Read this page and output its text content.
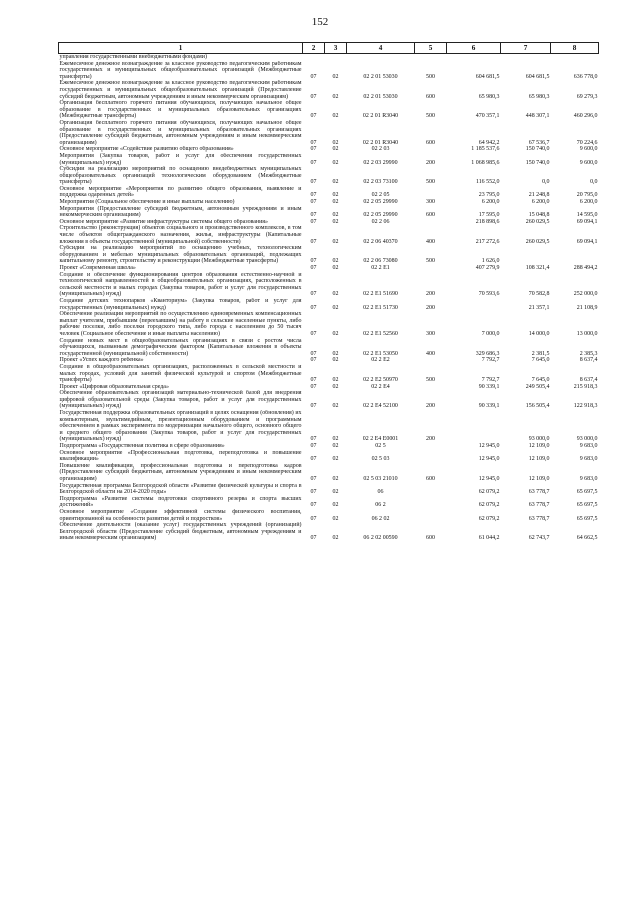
152
1	2	3	4	5	6	7	8
управления государственными внебюджетными фондами)							
Ежемесячное денежное вознаграждение за классное руководство педагогическим работникам государственных и муниципальных общеобразовательных организаций (Межбюджетные трансферты)	07	02	02 2 01 53030	500	604 681,5	604 681,5	636 778,0
Ежемесячное денежное вознаграждение за классное руководство педагогическим работникам государственных и муниципальных общеобразовательных организаций (Предоставление субсидий бюджетным, автономным учреждениям и иным некоммерческим организациям)	07	02	02 2 01 53030	600	65 980,3	65 980,3	69 279,3
Организация бесплатного горячего питания обучающихся, получающих начальное общее образование в государственных и муниципальных образовательных организациях (Межбюджетные трансферты)	07	02	02 2 01 R3040	500	470 357,1	448 307,1	460 296,0
Организация бесплатного горячего питания обучающихся, получающих начальное общее образование в государственных и муниципальных образовательных организациях (Предоставление субсидий бюджетным, автономным учреждениям и иным некоммерческим организациям)	07	02	02 2 01 R3040	600	64 942,2	67 536,7	70 224,6
Основное мероприятие «Содействие развитию общего образования»	07	02	02 2 03		1 185 537,6	150 740,0	9 600,0
Мероприятия (Закупка товаров, работ и услуг для обеспечения государственных (муниципальных) нужд)	07	02	02 2 03 29990	200	1 068 985,6	150 740,0	9 600,0
Субсидии на реализацию мероприятий по оснащению внедебюджетных муниципальных общеобразовательных организаций технологическим оборудованием (Межбюджетные трансферты)	07	02	02 2 03 73100	500	116 552,0	0,0	0,0
Основное мероприятие «Мероприятия по развитию общего образования, выявление и поддержка одаренных детей»	07	02	02 2 05		23 795,0	21 248,8	20 795,0
Мероприятия (Социальное обеспечение и иные выплаты населению)	07	02	02 2 05 29990	300	6 200,0	6 200,0	6 200,0
Мероприятия (Предоставление субсидий бюджетным, автономным учреждениям и иным некоммерческим организациям)	07	02	02 2 05 29990	600	17 595,0	15 048,8	14 595,0
Основное мероприятие «Развитие инфраструктуры системы общего образования»	07	02	02 2 06		218 898,6	260 029,5	69 094,1
Строительство (реконструкция) объектов социального и производственного комплексов, в том числе объектов общегражданского назначения, жилья, инфраструктуры (Капитальные вложения в объекты государственной (муниципальной) собственности)	07	02	02 2 06 40370	400	217 272,6	260 029,5	69 094,1
Субсидии на реализацию мероприятий по оснащению учебных, технологическим оборудованием и мебелью муниципальных образовательных организаций, подлежащих капитальному ремонту, строительству и реконструкции (Межбюджетные трансферты)	07	02	02 2 06 73080	500	1 626,0		
Проект «Современная школа»	07	02	02 2 E1		407 279,9	108 321,4	288 494,2
Создание и обеспечение функционирования центров образования естественно-научной и технологической направленностей в общеобразовательных организациях, расположенных в сельской местности и малых городах (Закупка товаров, работ и услуг для государственных (муниципальных) нужд)	07	02	02 2 E1 51690	200	70 593,6	70 582,8	252 000,0
Создание детских технопарков «Кванториум» (Закупка товаров, работ и услуг для государственных (муниципальных) нужд)	07	02	02 2 E1 51730	200		21 357,1	21 108,9
Обеспечение реализации мероприятий по осуществлению единовременных компенсационных выплат учителям, прибывшим (переехавшим) на работу в сельские населенные пункты, либо рабочие поселки, либо поселки городского типа, либо города с населением до 50 тысяч человек (Социальное обеспечение и иные выплаты населению)	07	02	02 2 E1 52560	300	7 000,0	14 000,0	13 000,0
Создание новых мест в общеобразовательных организациях в связи с ростом числа обучающихся, вызванным демографическим фактором (Капитальные вложения в объекты государственной (муниципальной) собственности)	07	02	02 2 E1 53050	400	329 686,3	2 381,5	2 385,3
Проект «Успех каждого ребенка»	07	02	02 2 E2		7 792,7	7 645,0	8 637,4
Создание в общеобразовательных организациях, расположенных в сельской местности и малых городах, условий для занятий физической культурой и спортом (Межбюджетные трансферты)	07	02	02 2 E2 50970	500	7 792,7	7 645,0	8 637,4
Проект «Цифровая образовательная среда»	07	02	02 2 E4		90 339,1	249 505,4	215 918,3
Обеспечение образовательных организаций материально-технической базой для внедрения цифровой образовательной среды (Закупка товаров, работ и услуг для государственных (муниципальных) нужд)	07	02	02 2 E4 52100	200	90 339,1	156 505,4	122 918,3
Государственная поддержка образовательных организаций в целях оснащения (обновления) их компьютерным, мультимедийным, презентационным оборудованием и программным обеспечением в рамках эксперимента по модернизации начального общего, основного общего и среднего общего образования (Закупка товаров, работ и услуг для государственных (муниципальных) нужд)	07	02	02 2 E4 E0001	200		93 000,0	93 000,0
Подпрограмма «Государственная политика в сфере образования»	07	02	02 5		12 945,0	12 109,0	9 683,0
Основное мероприятие «Профессиональная подготовка, переподготовка и повышение квалификации»	07	02	02 5 03		12 945,0	12 109,0	9 683,0
Повышение квалификации, профессиональная подготовка и переподготовка кадров (Предоставление субсидий бюджетным, автономным учреждениям и иным некоммерческим организациям)	07	02	02 5 03 21010	600	12 945,0	12 109,0	9 683,0
Государственная программа Белгородской области «Развитие физической культуры и спорта в Белгородской области на 2014-2020 годы»	07	02	06		62 079,2	63 778,7	65 697,5
Подпрограмма «Развитие системы подготовки спортивного резерва и спорта высших достижений»	07	02	06 2		62 079,2	63 778,7	65 697,5
Основное мероприятие «Создание эффективной системы физического воспитания, ориентированной на особенности развития детей и подростков»	07	02	06 2 02		62 079,2	63 778,7	65 697,5
Обеспечение деятельности (оказание услуг) государственных учреждений (организаций) Белгородской области (Предоставление субсидий бюджетным, автономным учреждениям и иным некоммерческим организациям)	07	02	06 2 02 00590	600	61 044,2	62 743,7	64 662,5
